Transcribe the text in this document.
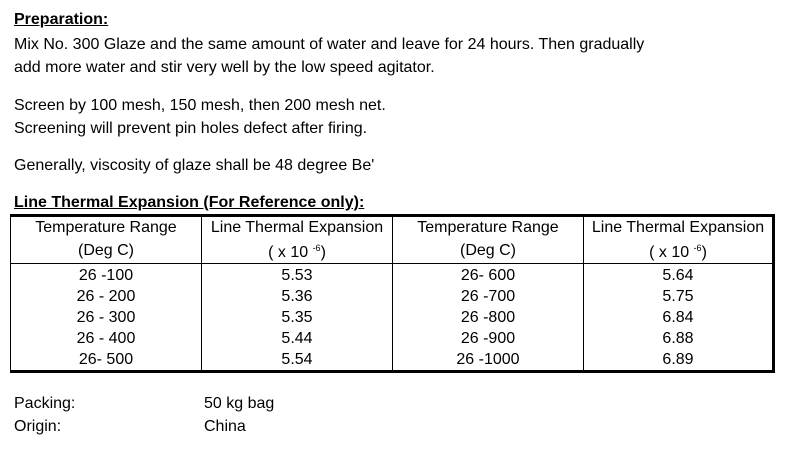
Preparation:
Mix No. 300 Glaze and the same amount of water and leave for 24 hours. Then gradually
add more water and stir very well by the low speed agitator.
Screen by 100 mesh, 150 mesh, then 200 mesh net.
Screening will prevent pin holes defect after firing.
Generally, viscosity of glaze shall be 48 degree Be'
Line Thermal Expansion (For Reference only):
Temperature Range	Line Thermal Expansion	Temperature Range	Line Thermal Expansion
(Deg C)	( x 10 $^{-6}$)	(Deg C)	( x 10 $^{-6}$)
26 -100	5.53	26- 600	5.64
26 - 200	5.36	26 -700	5.75
26 - 300	5.35	26 -800	6.84
26 - 400	5.44	26 -900	6.88
26- 500	5.54	26 -1000	6.89
Packing:	50 kg bag
Origin:	China
